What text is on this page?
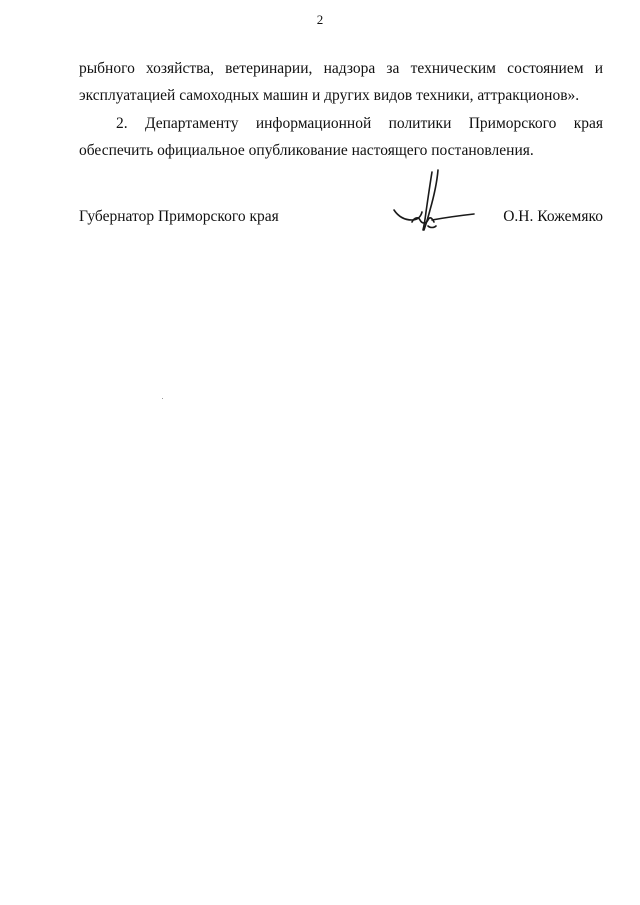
2

рыбного хозяйства, ветеринарии, надзора за техническим состоянием и эксплуатацией самоходных машин и других видов техники, аттракционов».

2. Департаменту информационной политики Приморского края обеспечить официальное опубликование настоящего постановления.

Губернатор Приморского края	О.Н. Кожемяко
